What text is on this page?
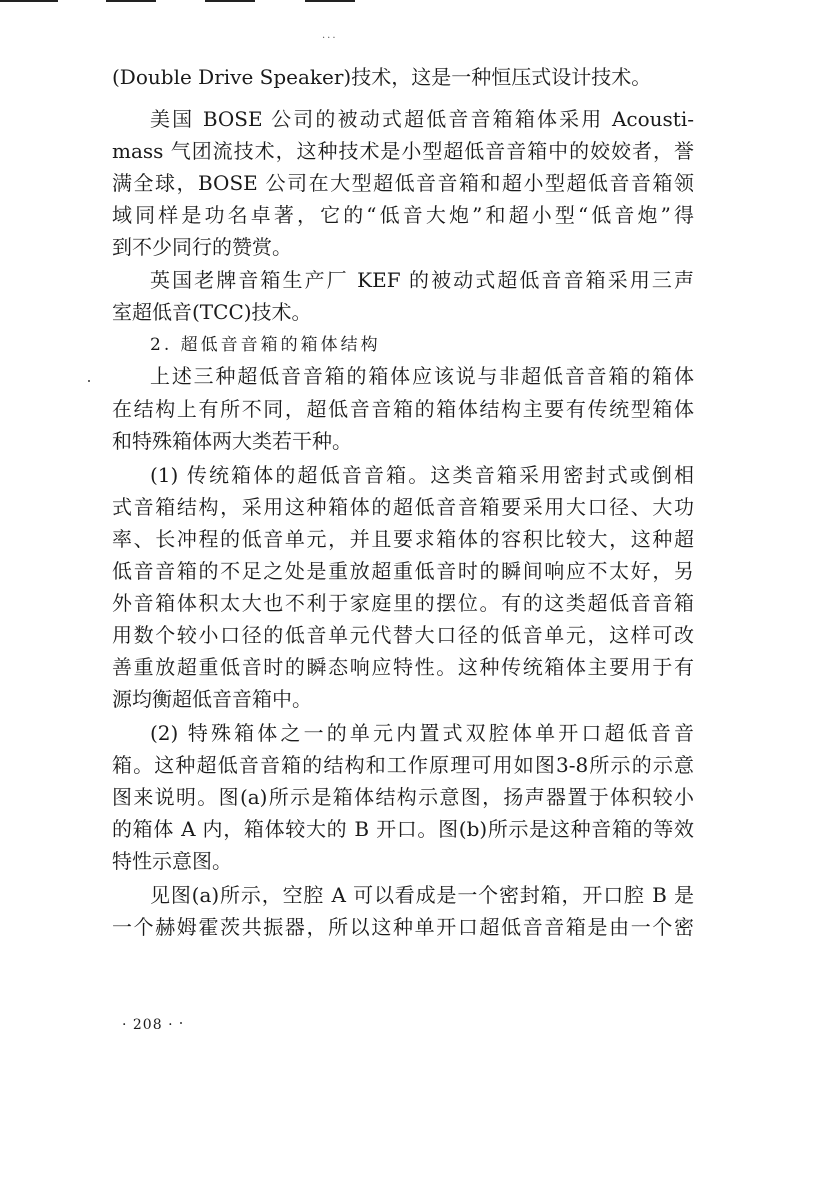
...
(Double Drive Speaker)技术，这是一种恒压式设计技术。
美国 BOSE 公司的被动式超低音音箱箱体采用 Acousti-
mass 气团流技术，这种技术是小型超低音音箱中的姣姣者，誉
满全球，BOSE 公司在大型超低音音箱和超小型超低音音箱领
域同样是功名卓著，它的“低音大炮”和超小型“低音炮”得
到不少同行的赞赏。
英国老牌音箱生产厂 KEF 的被动式超低音音箱采用三声
室超低音(TCC)技术。
2. 超低音音箱的箱体结构
上述三种超低音音箱的箱体应该说与非超低音音箱的箱体
在结构上有所不同，超低音音箱的箱体结构主要有传统型箱体
和特殊箱体两大类若干种。
(1) 传统箱体的超低音音箱。这类音箱采用密封式或倒相
式音箱结构，采用这种箱体的超低音音箱要采用大口径、大功
率、长冲程的低音单元，并且要求箱体的容积比较大，这种超
低音音箱的不足之处是重放超重低音时的瞬间响应不太好，另
外音箱体积太大也不利于家庭里的摆位。有的这类超低音音箱
用数个较小口径的低音单元代替大口径的低音单元，这样可改
善重放超重低音时的瞬态响应特性。这种传统箱体主要用于有
源均衡超低音音箱中。
(2) 特殊箱体之一的单元内置式双腔体单开口超低音音
箱。这种超低音音箱的结构和工作原理可用如图3-8所示的示意
图来说明。图(a)所示是箱体结构示意图，扬声器置于体积较小
的箱体 A 内，箱体较大的 B 开口。图(b)所示是这种音箱的等效
特性示意图。
见图(a)所示，空腔 A 可以看成是一个密封箱，开口腔 B 是
一个赫姆霍茨共振器，所以这种单开口超低音音箱是由一个密
· 208 ·
